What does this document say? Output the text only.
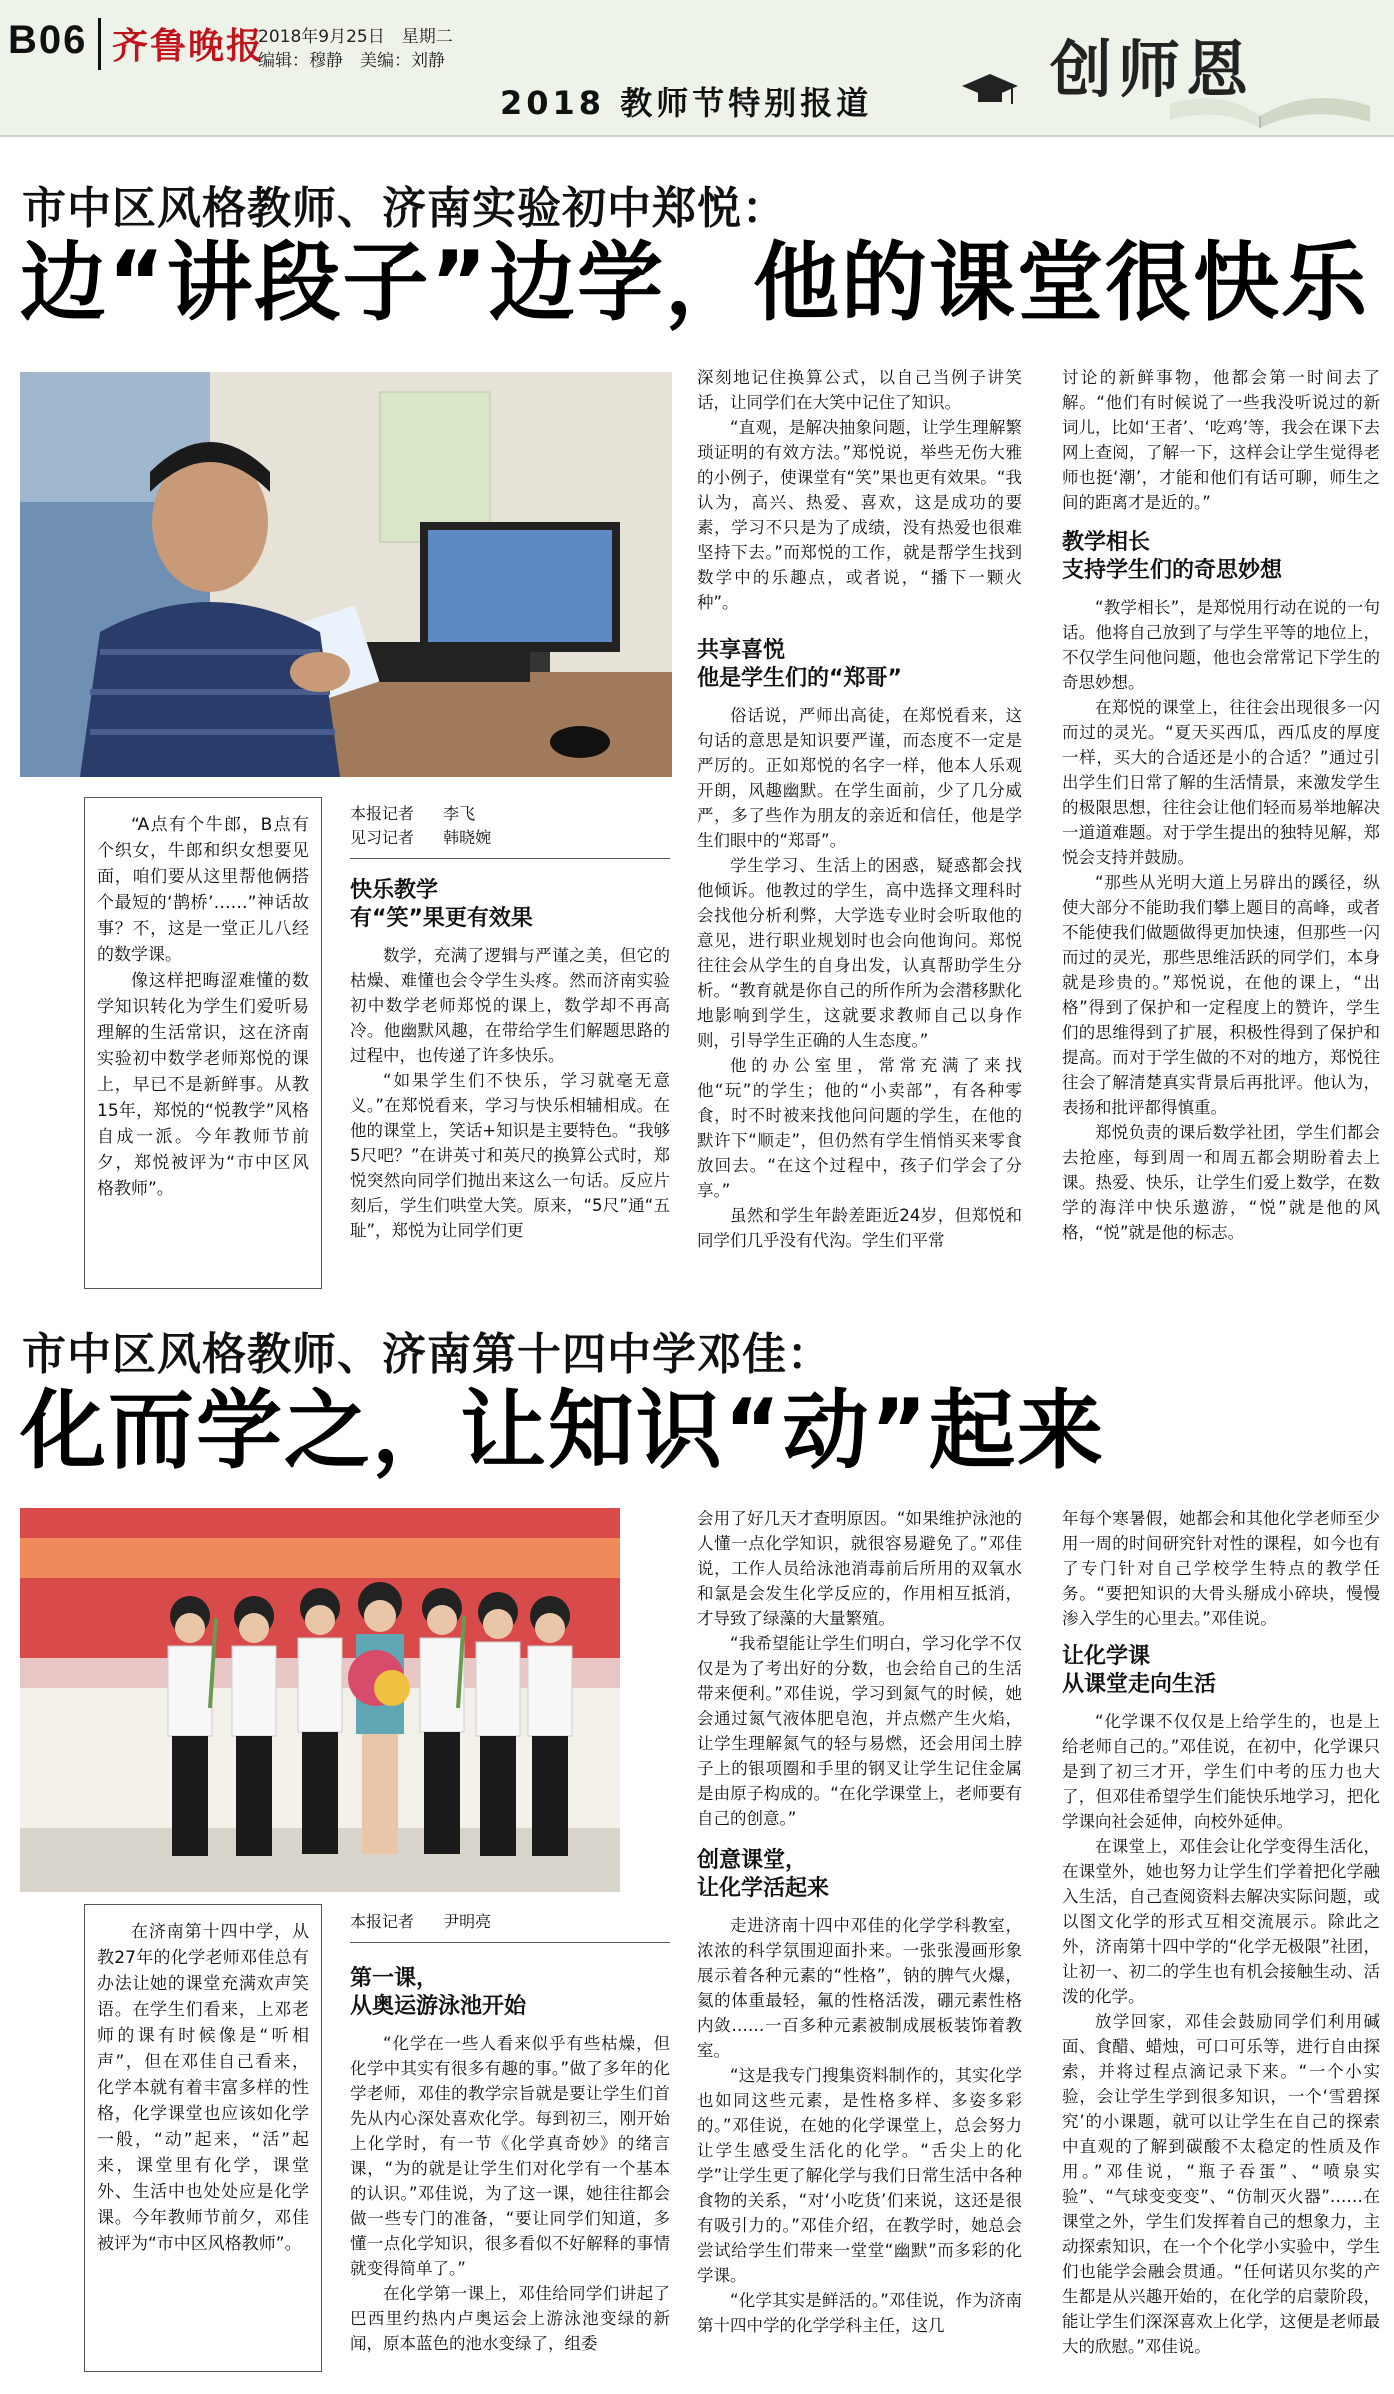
B06 齐鲁晚报
2018年9月25日　星期二
编辑：穆静　美编：刘静
2018 教师节特别报道	创师恩
市中区风格教师、济南实验初中郑悦：
边“讲段子”边学，他的课堂很快乐

“A点有个牛郎，B点有个织女，牛郎和织女想要见面，咱们要从这里帮他俩搭个最短的‘鹊桥’……”神话故事？不，这是一堂正儿八经的数学课。

像这样把晦涩难懂的数学知识转化为学生们爱听易理解的生活常识，这在济南实验初中数学老师郑悦的课上，早已不是新鲜事。从教15年，郑悦的“悦教学”风格自成一派。今年教师节前夕，郑悦被评为“市中区风格教师”。

本报记者 李飞
见习记者 韩晓婉
快乐教学
有“笑”果更有效果

数学，充满了逻辑与严谨之美，但它的枯燥、难懂也会令学生头疼。然而济南实验初中数学老师郑悦的课上，数学却不再高冷。他幽默风趣，在带给学生们解题思路的过程中，也传递了许多快乐。

“如果学生们不快乐，学习就毫无意义。”在郑悦看来，学习与快乐相辅相成。在他的课堂上，笑话+知识是主要特色。“我够5尺吧？”在讲英寸和英尺的换算公式时，郑悦突然向同学们抛出来这么一句话。反应片刻后，学生们哄堂大笑。原来，“5尺”通“五耻”，郑悦为让同学们更

深刻地记住换算公式，以自己当例子讲笑话，让同学们在大笑中记住了知识。

“直观，是解决抽象问题，让学生理解繁琐证明的有效方法。”郑悦说，举些无伤大雅的小例子，使课堂有“笑”果也更有效果。“我认为，高兴、热爱、喜欢，这是成功的要素，学习不只是为了成绩，没有热爱也很难坚持下去。”而郑悦的工作，就是帮学生找到数学中的乐趣点，或者说，“播下一颗火种”。

共享喜悦
他是学生们的“郑哥”

俗话说，严师出高徒，在郑悦看来，这句话的意思是知识要严谨，而态度不一定是严厉的。正如郑悦的名字一样，他本人乐观开朗，风趣幽默。在学生面前，少了几分威严，多了些作为朋友的亲近和信任，他是学生们眼中的“郑哥”。

学生学习、生活上的困惑，疑惑都会找他倾诉。他教过的学生，高中选择文理科时会找他分析利弊，大学选专业时会听取他的意见，进行职业规划时也会向他询问。郑悦往往会从学生的自身出发，认真帮助学生分析。“教育就是你自己的所作所为会潜移默化地影响到学生，这就要求教师自己以身作则，引导学生正确的人生态度。”

他的办公室里，常常充满了来找他“玩”的学生；他的“小卖部”，有各种零食，时不时被来找他问问题的学生，在他的默许下“顺走”，但仍然有学生悄悄买来零食放回去。“在这个过程中，孩子们学会了分享。”

虽然和学生年龄差距近24岁，但郑悦和同学们几乎没有代沟。学生们平常

讨论的新鲜事物，他都会第一时间去了解。“他们有时候说了一些我没听说过的新词儿，比如‘王者’、‘吃鸡’等，我会在课下去网上查阅，了解一下，这样会让学生觉得老师也挺‘潮’，才能和他们有话可聊，师生之间的距离才是近的。”

教学相长
支持学生们的奇思妙想

“教学相长”，是郑悦用行动在说的一句话。他将自己放到了与学生平等的地位上，不仅学生问他问题，他也会常常记下学生的奇思妙想。

在郑悦的课堂上，往往会出现很多一闪而过的灵光。“夏天买西瓜，西瓜皮的厚度一样，买大的合适还是小的合适？”通过引出学生们日常了解的生活情景，来激发学生的极限思想，往往会让他们轻而易举地解决一道道难题。对于学生提出的独特见解，郑悦会支持并鼓励。

“那些从光明大道上另辟出的蹊径，纵使大部分不能助我们攀上题目的高峰，或者不能使我们做题做得更加快速，但那些一闪而过的灵光，那些思维活跃的同学们，本身就是珍贵的。”郑悦说，在他的课上，“出格”得到了保护和一定程度上的赞许，学生们的思维得到了扩展，积极性得到了保护和提高。而对于学生做的不对的地方，郑悦往往会了解清楚真实背景后再批评。他认为，表扬和批评都得慎重。

郑悦负责的课后数学社团，学生们都会去抢座，每到周一和周五都会期盼着去上课。热爱、快乐，让学生们爱上数学，在数学的海洋中快乐遨游，“悦”就是他的风格，“悦”就是他的标志。

市中区风格教师、济南第十四中学邓佳：
化而学之，让知识“动”起来

在济南第十四中学，从教27年的化学老师邓佳总有办法让她的课堂充满欢声笑语。在学生们看来，上邓老师的课有时候像是“听相声”，但在邓佳自己看来，化学本就有着丰富多样的性格，化学课堂也应该如化学一般，“动”起来，“活”起来，课堂里有化学，课堂外、生活中也处处应是化学课。今年教师节前夕，邓佳被评为“市中区风格教师”。

本报记者 尹明亮
第一课，
从奥运游泳池开始

“化学在一些人看来似乎有些枯燥，但化学中其实有很多有趣的事。”做了多年的化学老师，邓佳的教学宗旨就是要让学生们首先从内心深处喜欢化学。每到初三，刚开始上化学时，有一节《化学真奇妙》的绪言课，“为的就是让学生们对化学有一个基本的认识。”邓佳说，为了这一课，她往往都会做一些专门的准备，“要让同学们知道，多懂一点化学知识，很多看似不好解释的事情就变得简单了。”

在化学第一课上，邓佳给同学们讲起了巴西里约热内卢奥运会上游泳池变绿的新闻，原本蓝色的池水变绿了，组委

会用了好几天才查明原因。“如果维护泳池的人懂一点化学知识，就很容易避免了。”邓佳说，工作人员给泳池消毒前后所用的双氧水和氯是会发生化学反应的，作用相互抵消，才导致了绿藻的大量繁殖。

“我希望能让学生们明白，学习化学不仅仅是为了考出好的分数，也会给自己的生活带来便利。”邓佳说，学习到氮气的时候，她会通过氮气液体肥皂泡，并点燃产生火焰，让学生理解氮气的轻与易燃，还会用闰土脖子上的银项圈和手里的钢叉让学生记住金属是由原子构成的。“在化学课堂上，老师要有自己的创意。”

创意课堂，
让化学活起来

走进济南十四中邓佳的化学学科教室，浓浓的科学氛围迎面扑来。一张张漫画形象展示着各种元素的“性格”，钠的脾气火爆，氦的体重最轻，氟的性格活泼，硼元素性格内敛……一百多种元素被制成展板装饰着教室。

“这是我专门搜集资料制作的，其实化学也如同这些元素，是性格多样、多姿多彩的。”邓佳说，在她的化学课堂上，总会努力让学生感受生活化的化学。“舌尖上的化学”让学生更了解化学与我们日常生活中各种食物的关系，“对‘小吃货’们来说，这还是很有吸引力的。”邓佳介绍，在教学时，她总会尝试给学生们带来一堂堂“幽默”而多彩的化学课。

“化学其实是鲜活的。”邓佳说，作为济南第十四中学的化学学科主任，这几

年每个寒暑假，她都会和其他化学老师至少用一周的时间研究针对性的课程，如今也有了专门针对自己学校学生特点的教学任务。“要把知识的大骨头掰成小碎块，慢慢渗入学生的心里去。”邓佳说。

让化学课
从课堂走向生活

“化学课不仅仅是上给学生的，也是上给老师自己的。”邓佳说，在初中，化学课只是到了初三才开，学生们中考的压力也大了，但邓佳希望学生们能快乐地学习，把化学课向社会延伸，向校外延伸。

在课堂上，邓佳会让化学变得生活化，在课堂外，她也努力让学生们学着把化学融入生活，自己查阅资料去解决实际问题，或以图文化学的形式互相交流展示。除此之外，济南第十四中学的“化学无极限”社团，让初一、初二的学生也有机会接触生动、活泼的化学。

放学回家，邓佳会鼓励同学们利用碱面、食醋、蜡烛，可口可乐等，进行自由探索，并将过程点滴记录下来。“一个小实验，会让学生学到很多知识，一个‘雪碧探究’的小课题，就可以让学生在自己的探索中直观的了解到碳酸不太稳定的性质及作用。”邓佳说，“瓶子吞蛋”、“喷泉实验”、“气球变变变”、“仿制灭火器”……在课堂之外，学生们发挥着自己的想象力，主动探索知识，在一个个化学小实验中，学生们也能学会融会贯通。“任何诺贝尔奖的产生都是从兴趣开始的，在化学的启蒙阶段，能让学生们深深喜欢上化学，这便是老师最大的欣慰。”邓佳说。
